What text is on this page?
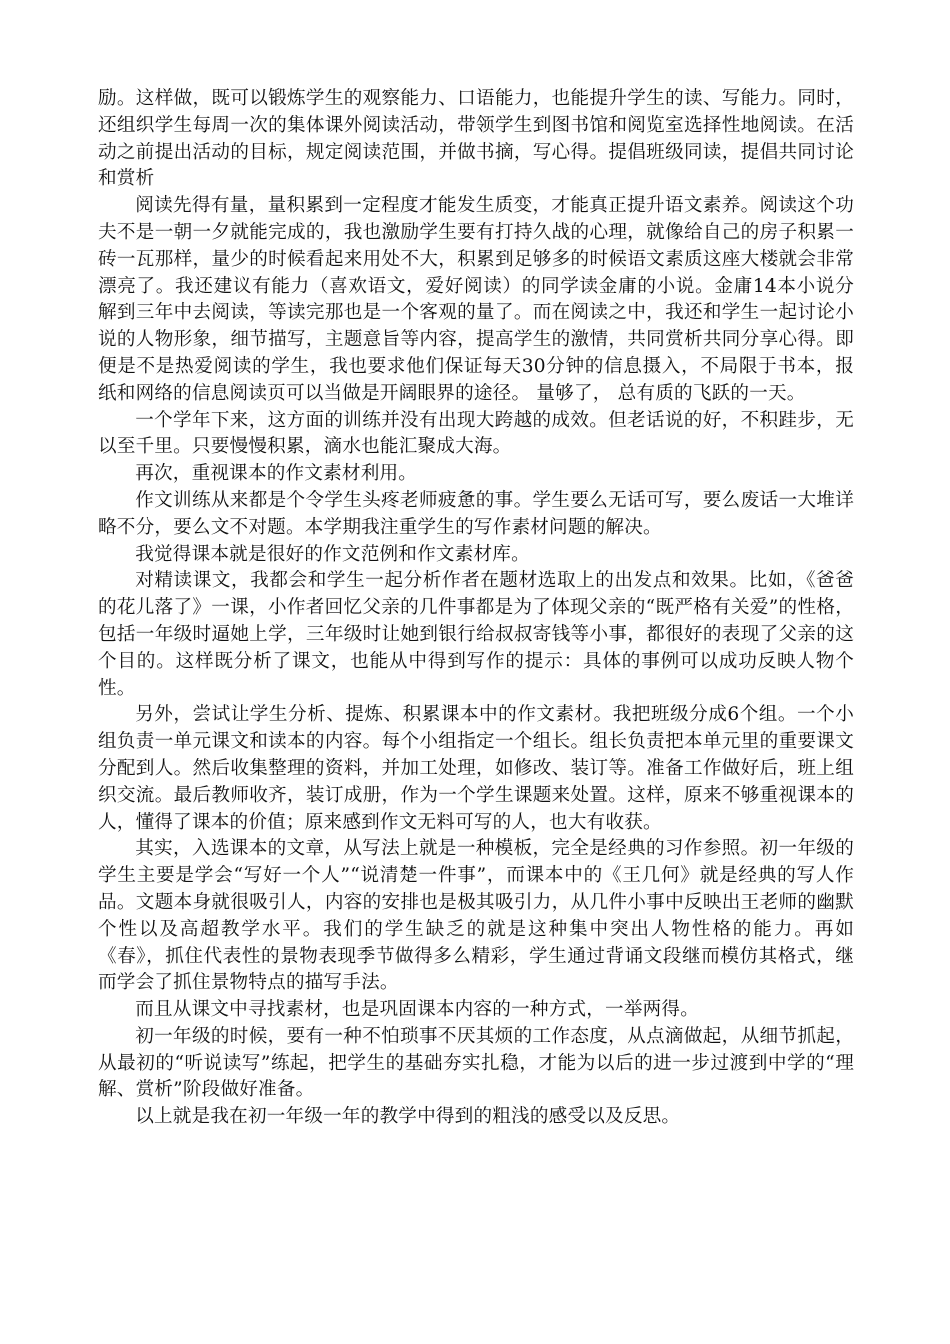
励。这样做，既可以锻炼学生的观察能力、口语能力，也能提升学生的读、写能力。同时，还组织学生每周一次的集体课外阅读活动，带领学生到图书馆和阅览室选择性地阅读。在活动之前提出活动的目标，规定阅读范围，并做书摘，写心得。提倡班级同读，提倡共同讨论和赏析

阅读先得有量，量积累到一定程度才能发生质变，才能真正提升语文素养。阅读这个功夫不是一朝一夕就能完成的，我也激励学生要有打持久战的心理，就像给自己的房子积累一砖一瓦那样，量少的时候看起来用处不大，积累到足够多的时候语文素质这座大楼就会非常漂亮了。我还建议有能力（喜欢语文，爱好阅读）的同学读金庸的小说。金庸14本小说分解到三年中去阅读，等读完那也是一个客观的量了。而在阅读之中，我还和学生一起讨论小说的人物形象，细节描写，主题意旨等内容，提高学生的激情，共同赏析共同分享心得。即便是不是热爱阅读的学生，我也要求他们保证每天30分钟的信息摄入，不局限于书本，报纸和网络的信息阅读页可以当做是开阔眼界的途径。 量够了， 总有质的飞跃的一天。

一个学年下来，这方面的训练并没有出现大跨越的成效。但老话说的好，不积跬步，无以至千里。只要慢慢积累，滴水也能汇聚成大海。

再次，重视课本的作文素材利用。

作文训练从来都是个令学生头疼老师疲惫的事。学生要么无话可写，要么废话一大堆详略不分，要么文不对题。本学期我注重学生的写作素材问题的解决。

我觉得课本就是很好的作文范例和作文素材库。

对精读课文，我都会和学生一起分析作者在题材选取上的出发点和效果。比如，《爸爸的花儿落了》一课，小作者回忆父亲的几件事都是为了体现父亲的“既严格有关爱”的性格，包括一年级时逼她上学，三年级时让她到银行给叔叔寄钱等小事，都很好的表现了父亲的这个目的。这样既分析了课文，也能从中得到写作的提示：具体的事例可以成功反映人物个性。

另外，尝试让学生分析、提炼、积累课本中的作文素材。我把班级分成6个组。一个小组负责一单元课文和读本的内容。每个小组指定一个组长。组长负责把本单元里的重要课文分配到人。然后收集整理的资料，并加工处理，如修改、装订等。准备工作做好后，班上组织交流。最后教师收齐，装订成册，作为一个学生课题来处置。这样，原来不够重视课本的人，懂得了课本的价值；原来感到作文无料可写的人，也大有收获。

其实，入选课本的文章，从写法上就是一种模板，完全是经典的习作参照。初一年级的学生主要是学会“写好一个人”“说清楚一件事”，而课本中的《王几何》就是经典的写人作品。文题本身就很吸引人，内容的安排也是极其吸引力，从几件小事中反映出王老师的幽默个性以及高超教学水平。我们的学生缺乏的就是这种集中突出人物性格的能力。再如《春》，抓住代表性的景物表现季节做得多么精彩，学生通过背诵文段继而模仿其格式，继而学会了抓住景物特点的描写手法。

而且从课文中寻找素材，也是巩固课本内容的一种方式，一举两得。

初一年级的时候，要有一种不怕琐事不厌其烦的工作态度，从点滴做起，从细节抓起，从最初的“听说读写”练起，把学生的基础夯实扎稳，才能为以后的进一步过渡到中学的“理解、赏析”阶段做好准备。

以上就是我在初一年级一年的教学中得到的粗浅的感受以及反思。
